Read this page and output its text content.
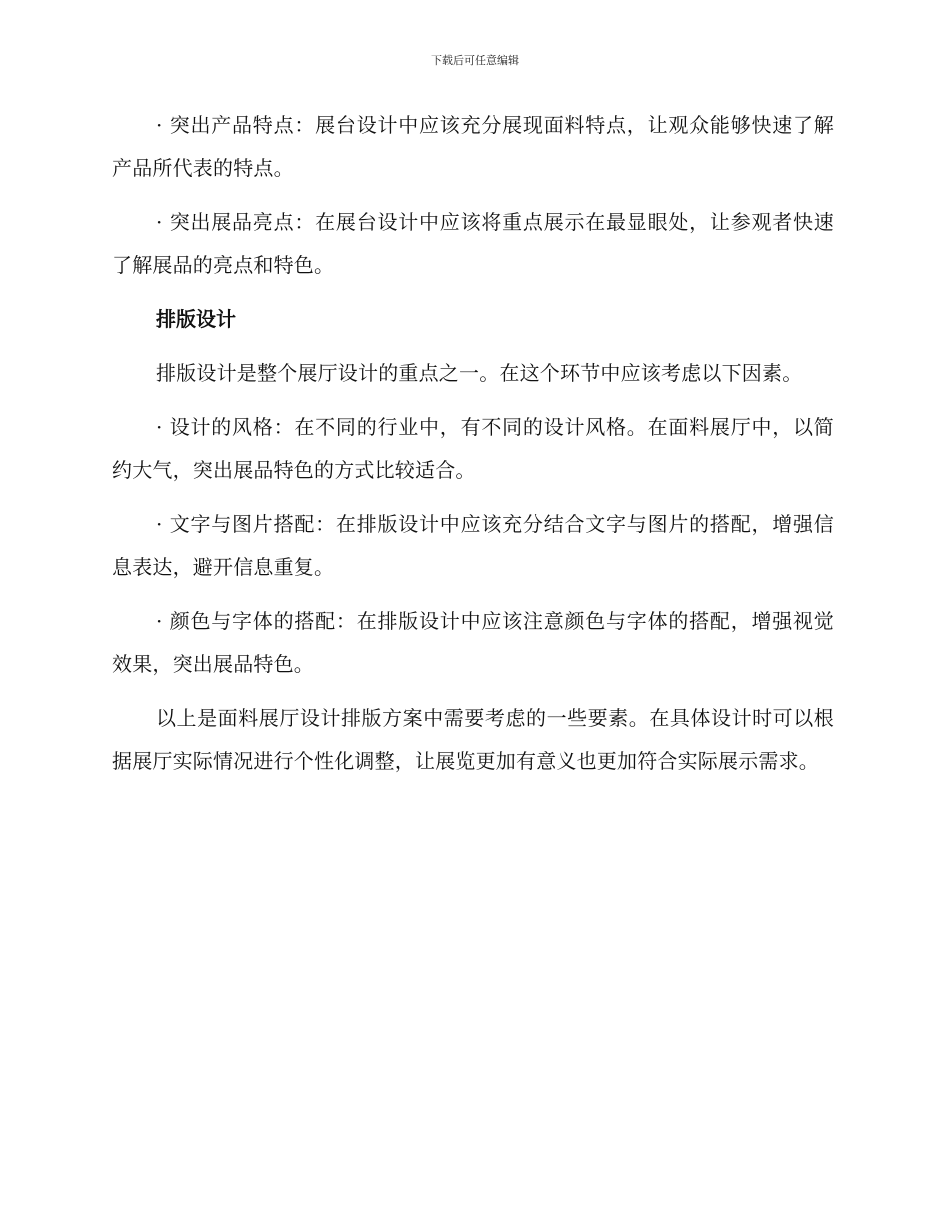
下载后可任意编辑

· 突出产品特点：展台设计中应该充分展现面料特点，让观众能够快速了解产品所代表的特点。

· 突出展品亮点：在展台设计中应该将重点展示在最显眼处，让参观者快速了解展品的亮点和特色。

排版设计

排版设计是整个展厅设计的重点之一。在这个环节中应该考虑以下因素。

· 设计的风格：在不同的行业中，有不同的设计风格。在面料展厅中，以简约大气，突出展品特色的方式比较适合。

· 文字与图片搭配：在排版设计中应该充分结合文字与图片的搭配，增强信息表达，避开信息重复。

· 颜色与字体的搭配：在排版设计中应该注意颜色与字体的搭配，增强视觉效果，突出展品特色。

以上是面料展厅设计排版方案中需要考虑的一些要素。在具体设计时可以根据展厅实际情况进行个性化调整，让展览更加有意义也更加符合实际展示需求。
